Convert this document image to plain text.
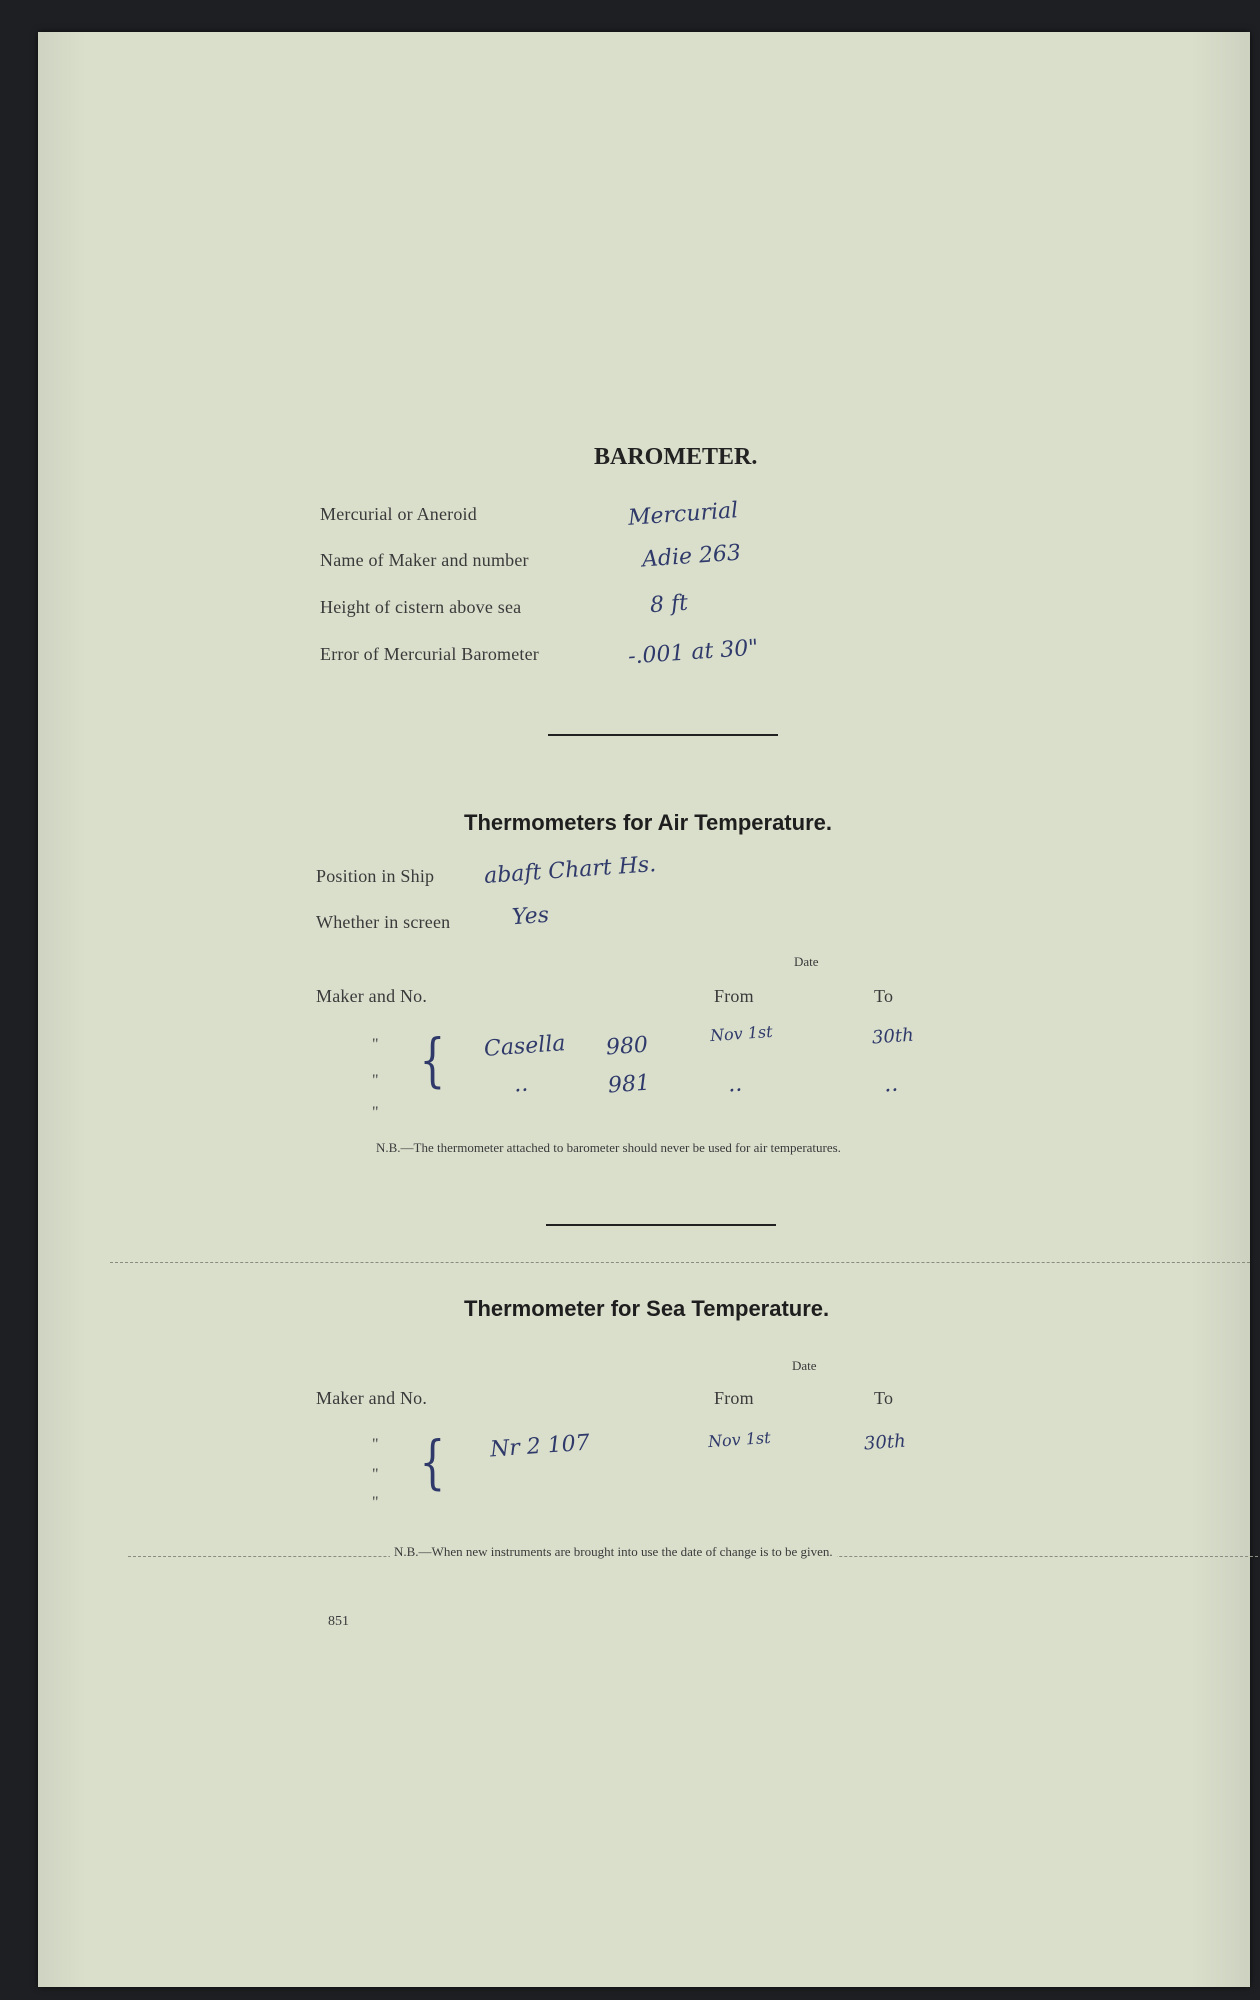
BAROMETER.
Mercurial or Aneroid	Mercurial
Name of Maker and number	Adie 263
Height of cistern above sea	8 ft
Error of Mercurial Barometer	-.001 at 30"
Thermometers for Air Temperature.
Position in Ship abaft Chart Hs.
Whether in screen	Yes
Date
Maker and No.	From	To
"
"
"
{ Casella 980	Nov 1st	30th
..	981	..	..
N.B.—The thermometer attached to barometer should never be used for air temperatures.
Thermometer for Sea Temperature.
Date
Maker and No.	From	To
"
"
"
{ Nr 2 107	Nov 1st	30th
N.B.—When new instruments are brought into use the date of change is to be given.
851
